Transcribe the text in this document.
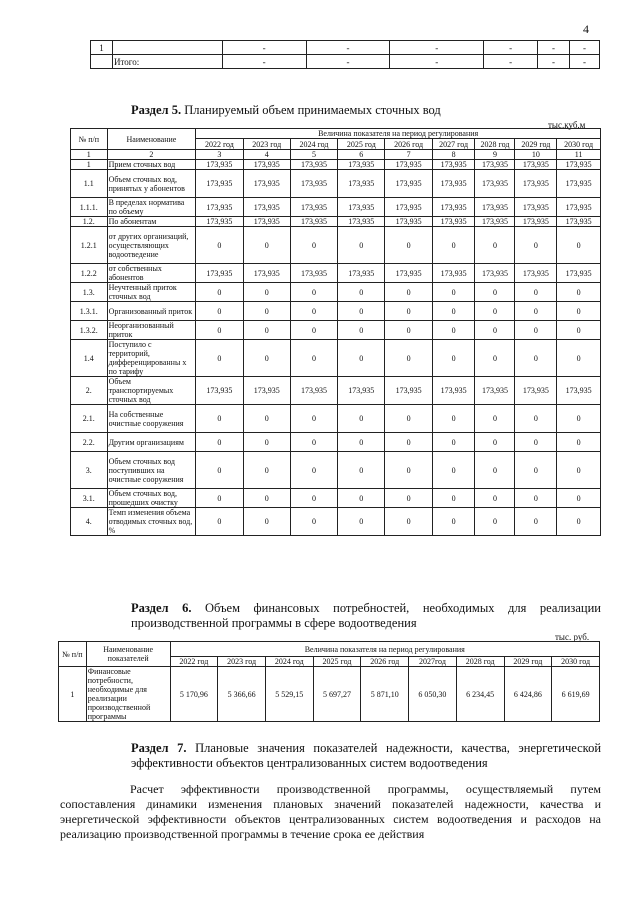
4
1		-	-	-	-	-	-
	Итого:	-	-	-	-	-	-
Раздел 5. Планируемый объем принимаемых сточных вод
тыс.куб.м
№ п/п	Наименование	Величина показателя на период регулирования								
		2022 год	2023 год	2024 год	2025 год	2026 год	2027 год	2028 год	2029 год	2030 год
1	2	3	4	5	6	7	8	9	10	11
1	Прием сточных вод	173,935	173,935	173,935	173,935	173,935	173,935	173,935	173,935	173,935
1.1	Объем сточных вод, принятых у абонентов	173,935	173,935	173,935	173,935	173,935	173,935	173,935	173,935	173,935
1.1.1.	В пределах норматива по объему	173,935	173,935	173,935	173,935	173,935	173,935	173,935	173,935	173,935
1.2.	По абонентам	173,935	173,935	173,935	173,935	173,935	173,935	173,935	173,935	173,935
1.2.1	от других организаций, осуществляющих водоотведение	0	0	0	0	0	0	0	0	0
1.2.2	от собственных абонентов	173,935	173,935	173,935	173,935	173,935	173,935	173,935	173,935	173,935
1.3.	Неучтенный приток сточных вод	0	0	0	0	0	0	0	0	0
1.3.1.	Организованный приток	0	0	0	0	0	0	0	0	0
1.3.2.	Неорганизованный приток	0	0	0	0	0	0	0	0	0
1.4	Поступило с территорий, дифференцированны х по тарифу	0	0	0	0	0	0	0	0	0
2.	Объем транспортируемых сточных вод	173,935	173,935	173,935	173,935	173,935	173,935	173,935	173,935	173,935
2.1.	На собственные очистные сооружения	0	0	0	0	0	0	0	0	0
2.2.	Другим организациям	0	0	0	0	0	0	0	0	0
3.	Объем сточных вод поступивших на очистные сооружения	0	0	0	0	0	0	0	0	0
3.1.	Объем сточных вод, прошедших очистку	0	0	0	0	0	0	0	0	0
4.	Темп изменения объема отводимых сточных вод, %	0	0	0	0	0	0	0	0	0
Раздел 6. Объем финансовых потребностей, необходимых для реализации производственной программы в сфере водоотведения
тыс. руб.
№ п/п	Наименование показателей	Величина показателя на период регулирования								
		2022 год	2023 год	2024 год	2025 год	2026 год	2027год	2028 год	2029 год	2030 год
1	Финансовые потребности, необходимые для реализации производственной программы	5 170,96	5 366,66	5 529,15	5 697,27	5 871,10	6 050,30	6 234,45	6 424,86	6 619,69
Раздел 7. Плановые значения показателей надежности, качества, энергетической эффективности объектов централизованных систем водоотведения
Расчет эффективности производственной программы, осуществляемый путем сопоставления динамики изменения плановых значений показателей надежности, качества и энергетической эффективности объектов централизованных систем водоотведения и расходов на реализацию производственной программы в течение срока ее действия
